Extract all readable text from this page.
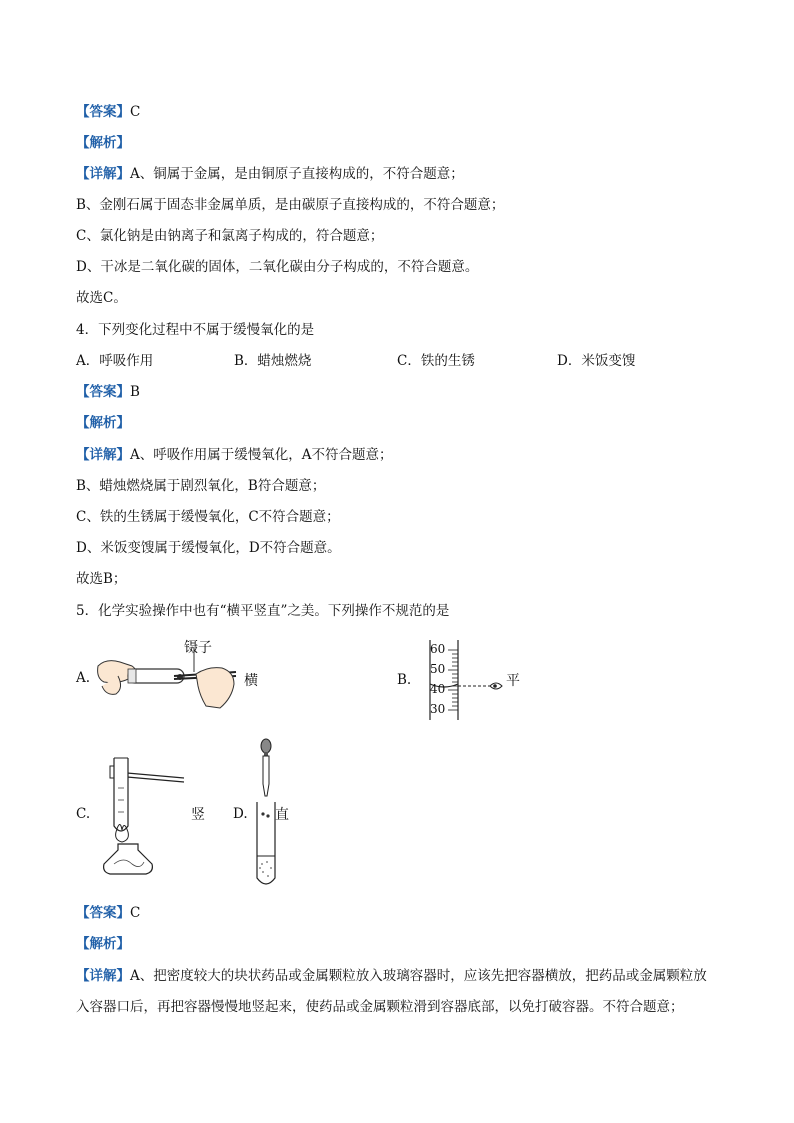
【答案】C
【解析】
【详解】A、铜属于金属，是由铜原子直接构成的，不符合题意；
B、金刚石属于固态非金属单质，是由碳原子直接构成的，不符合题意；
C、氯化钠是由钠离子和氯离子构成的，符合题意；
D、干冰是二氧化碳的固体，二氧化碳由分子构成的，不符合题意。
故选C。
4．下列变化过程中不属于缓慢氧化的是
A．呼吸作用	B．蜡烛燃烧	C．铁的生锈	D．米饭变馊
【答案】B
【解析】
【详解】A、呼吸作用属于缓慢氧化，A不符合题意；
B、蜡烛燃烧属于剧烈氧化，B符合题意；
C、铁的生锈属于缓慢氧化，C不符合题意；
D、米饭变馊属于缓慢氧化，D不符合题意。
故选B；
5．化学实验操作中也有“横平竖直”之美。下列操作不规范的是
A.
镊子
横	B.
60
50
40
30
平
C.	竖 D. 直
【答案】C
【解析】
【详解】A、把密度较大的块状药品或金属颗粒放入玻璃容器时，应该先把容器横放，把药品或金属颗粒放
入容器口后，再把容器慢慢地竖起来，使药品或金属颗粒滑到容器底部，以免打破容器。不符合题意；
